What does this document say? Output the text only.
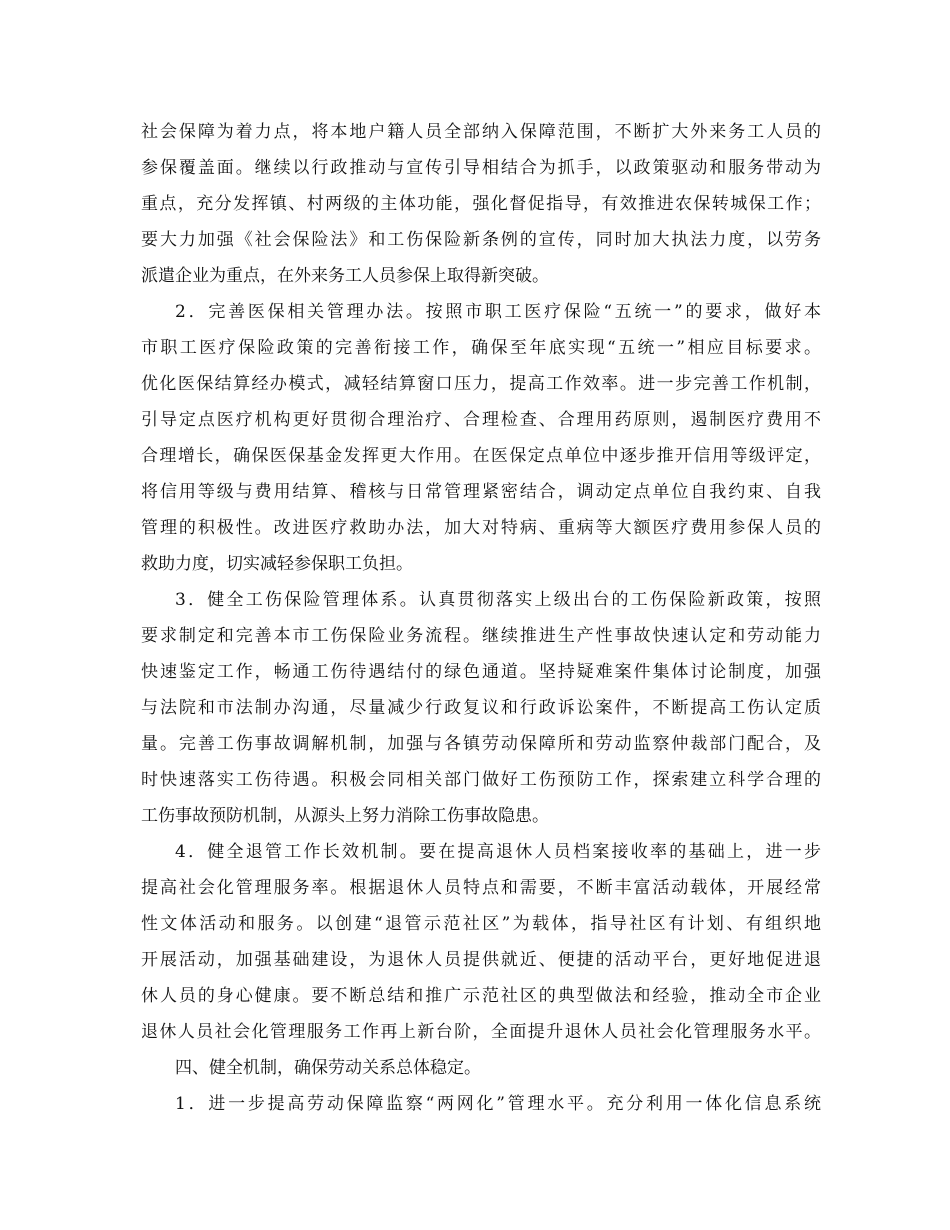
社会保障为着力点，将本地户籍人员全部纳入保障范围，不断扩大外来务工人员的
参保覆盖面。继续以行政推动与宣传引导相结合为抓手，以政策驱动和服务带动为
重点，充分发挥镇、村两级的主体功能，强化督促指导，有效推进农保转城保工作；
要大力加强《社会保险法》和工伤保险新条例的宣传，同时加大执法力度，以劳务
派遣企业为重点，在外来务工人员参保上取得新突破。
2．完善医保相关管理办法。按照市职工医疗保险“五统一”的要求，做好本
市职工医疗保险政策的完善衔接工作，确保至年底实现“五统一”相应目标要求。
优化医保结算经办模式，减轻结算窗口压力，提高工作效率。进一步完善工作机制，
引导定点医疗机构更好贯彻合理治疗、合理检查、合理用药原则，遏制医疗费用不
合理增长，确保医保基金发挥更大作用。在医保定点单位中逐步推开信用等级评定，
将信用等级与费用结算、稽核与日常管理紧密结合，调动定点单位自我约束、自我
管理的积极性。改进医疗救助办法，加大对特病、重病等大额医疗费用参保人员的
救助力度，切实减轻参保职工负担。
3．健全工伤保险管理体系。认真贯彻落实上级出台的工伤保险新政策，按照
要求制定和完善本市工伤保险业务流程。继续推进生产性事故快速认定和劳动能力
快速鉴定工作，畅通工伤待遇结付的绿色通道。坚持疑难案件集体讨论制度，加强
与法院和市法制办沟通，尽量减少行政复议和行政诉讼案件，不断提高工伤认定质
量。完善工伤事故调解机制，加强与各镇劳动保障所和劳动监察仲裁部门配合，及
时快速落实工伤待遇。积极会同相关部门做好工伤预防工作，探索建立科学合理的
工伤事故预防机制，从源头上努力消除工伤事故隐患。
4．健全退管工作长效机制。要在提高退休人员档案接收率的基础上，进一步
提高社会化管理服务率。根据退休人员特点和需要，不断丰富活动载体，开展经常
性文体活动和服务。以创建“退管示范社区”为载体，指导社区有计划、有组织地
开展活动，加强基础建设，为退休人员提供就近、便捷的活动平台，更好地促进退
休人员的身心健康。要不断总结和推广示范社区的典型做法和经验，推动全市企业
退休人员社会化管理服务工作再上新台阶，全面提升退休人员社会化管理服务水平。
四、健全机制，确保劳动关系总体稳定。
1．进一步提高劳动保障监察“两网化”管理水平。充分利用一体化信息系统
